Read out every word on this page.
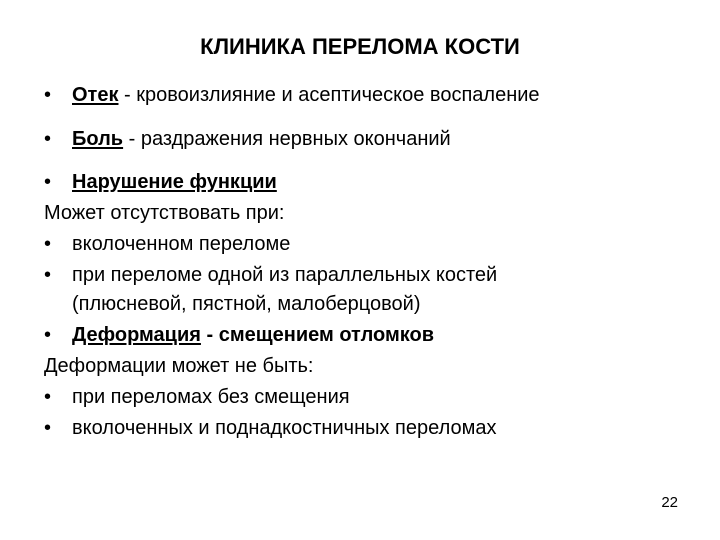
КЛИНИКА ПЕРЕЛОМА КОСТИ
• Отек - кровоизлияние и асептическое воспаление
• Боль - раздражения нервных окончаний
• Нарушение функции
Может отсутствовать при:
• вколоченном переломе
• при переломе одной из параллельных костей
(плюсневой, пястной, малоберцовой)
• Деформация - смещением отломков
Деформации может не быть:
• при переломах без смещения
• вколоченных и поднадкостничных переломах
22
